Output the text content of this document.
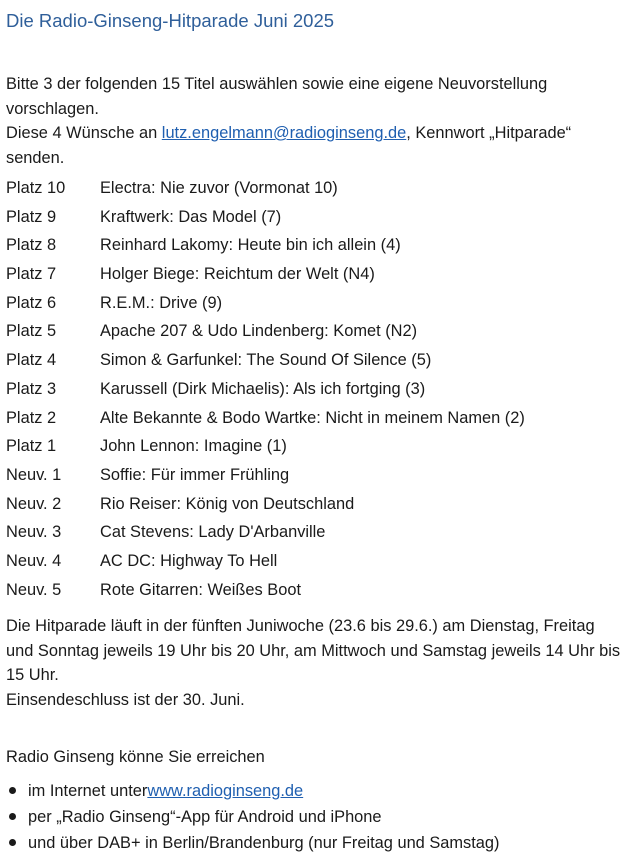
Die Radio-Ginseng-Hitparade Juni 2025

Bitte 3 der folgenden 15 Titel auswählen sowie eine eigene Neuvorstellung vorschlagen.

Diese 4 Wünsche an lutz.engelmann@radioginseng.de, Kennwort „Hitparade“ senden.

Platz 10	Electra: Nie zuvor (Vormonat 10)
Platz 9	Kraftwerk: Das Model (7)
Platz 8	Reinhard Lakomy: Heute bin ich allein (4)
Platz 7	Holger Biege: Reichtum der Welt (N4)
Platz 6	R.E.M.: Drive (9)
Platz 5	Apache 207 & Udo Lindenberg: Komet (N2)
Platz 4	Simon & Garfunkel: The Sound Of Silence (5)
Platz 3	Karussell (Dirk Michaelis): Als ich fortging (3)
Platz 2	Alte Bekannte & Bodo Wartke: Nicht in meinem Namen (2)
Platz 1	John Lennon: Imagine (1)
Neuv. 1	Soffie: Für immer Frühling
Neuv. 2	Rio Reiser: König von Deutschland
Neuv. 3	Cat Stevens: Lady D'Arbanville
Neuv. 4	AC DC: Highway To Hell
Neuv. 5	Rote Gitarren: Weißes Boot

Die Hitparade läuft in der fünften Juniwoche (23.6 bis 29.6.) am Dienstag, Freitag und Sonntag jeweils 19 Uhr bis 20 Uhr, am Mittwoch und Samstag jeweils 14 Uhr bis 15 Uhr.

Einsendeschluss ist der 30. Juni.

Radio Ginseng könne Sie erreichen
im Internet unter www.radioginseng.de
per „Radio Ginseng“-App für Android und iPhone
und über DAB+ in Berlin/Brandenburg (nur Freitag und Samstag)
